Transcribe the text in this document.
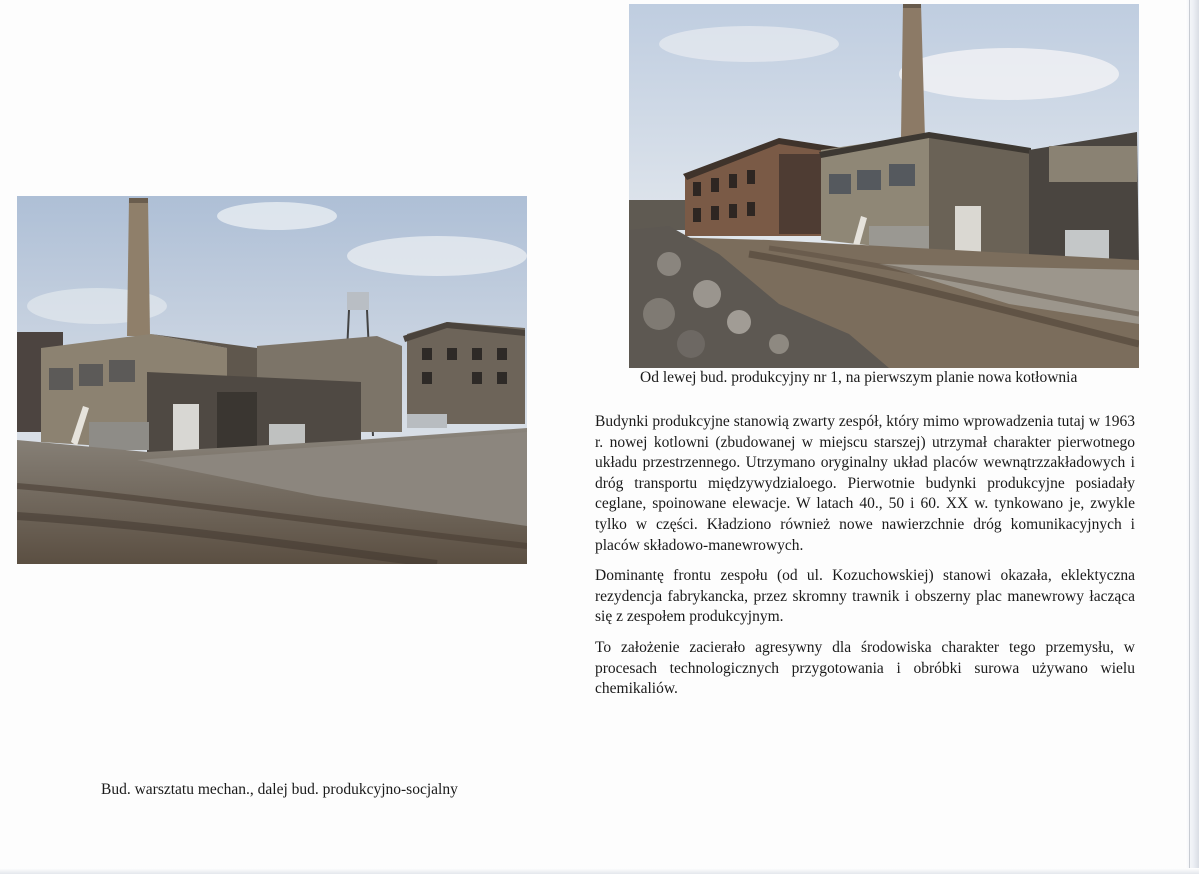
Od lewej bud. produkcyjny nr 1, na pierwszym planie nowa kotłownia

Budynki produkcyjne stanowią zwarty zespół, który mimo wprowadzenia tutaj w 1963 r. nowej kotlowni (zbudowanej w miejscu starszej) utrzymał charakter pierwotnego układu przestrzennego. Utrzymano oryginalny układ placów wewnątrzzakładowych i dróg transportu międzywydzialoego. Pierwotnie budynki produkcyjne posiadały ceglane, spoinowane elewacje. W latach 40., 50 i 60. XX w. tynkowano je, zwykle tylko w części. Kładziono również nowe nawierzchnie dróg komunikacyjnych i placów składowo-manewrowych.

Dominantę frontu zespołu (od ul. Kozuchowskiej) stanowi okazała, eklektyczna rezydencja fabrykancka, przez skromny trawnik i obszerny plac manewrowy łacząca się z zespołem produkcyjnym.

To założenie zacierało agresywny dla środowiska charakter tego przemysłu, w procesach technologicznych przygotowania i obróbki surowa używano wielu chemikaliów.

Bud. warsztatu mechan., dalej bud. produkcyjno-socjalny
